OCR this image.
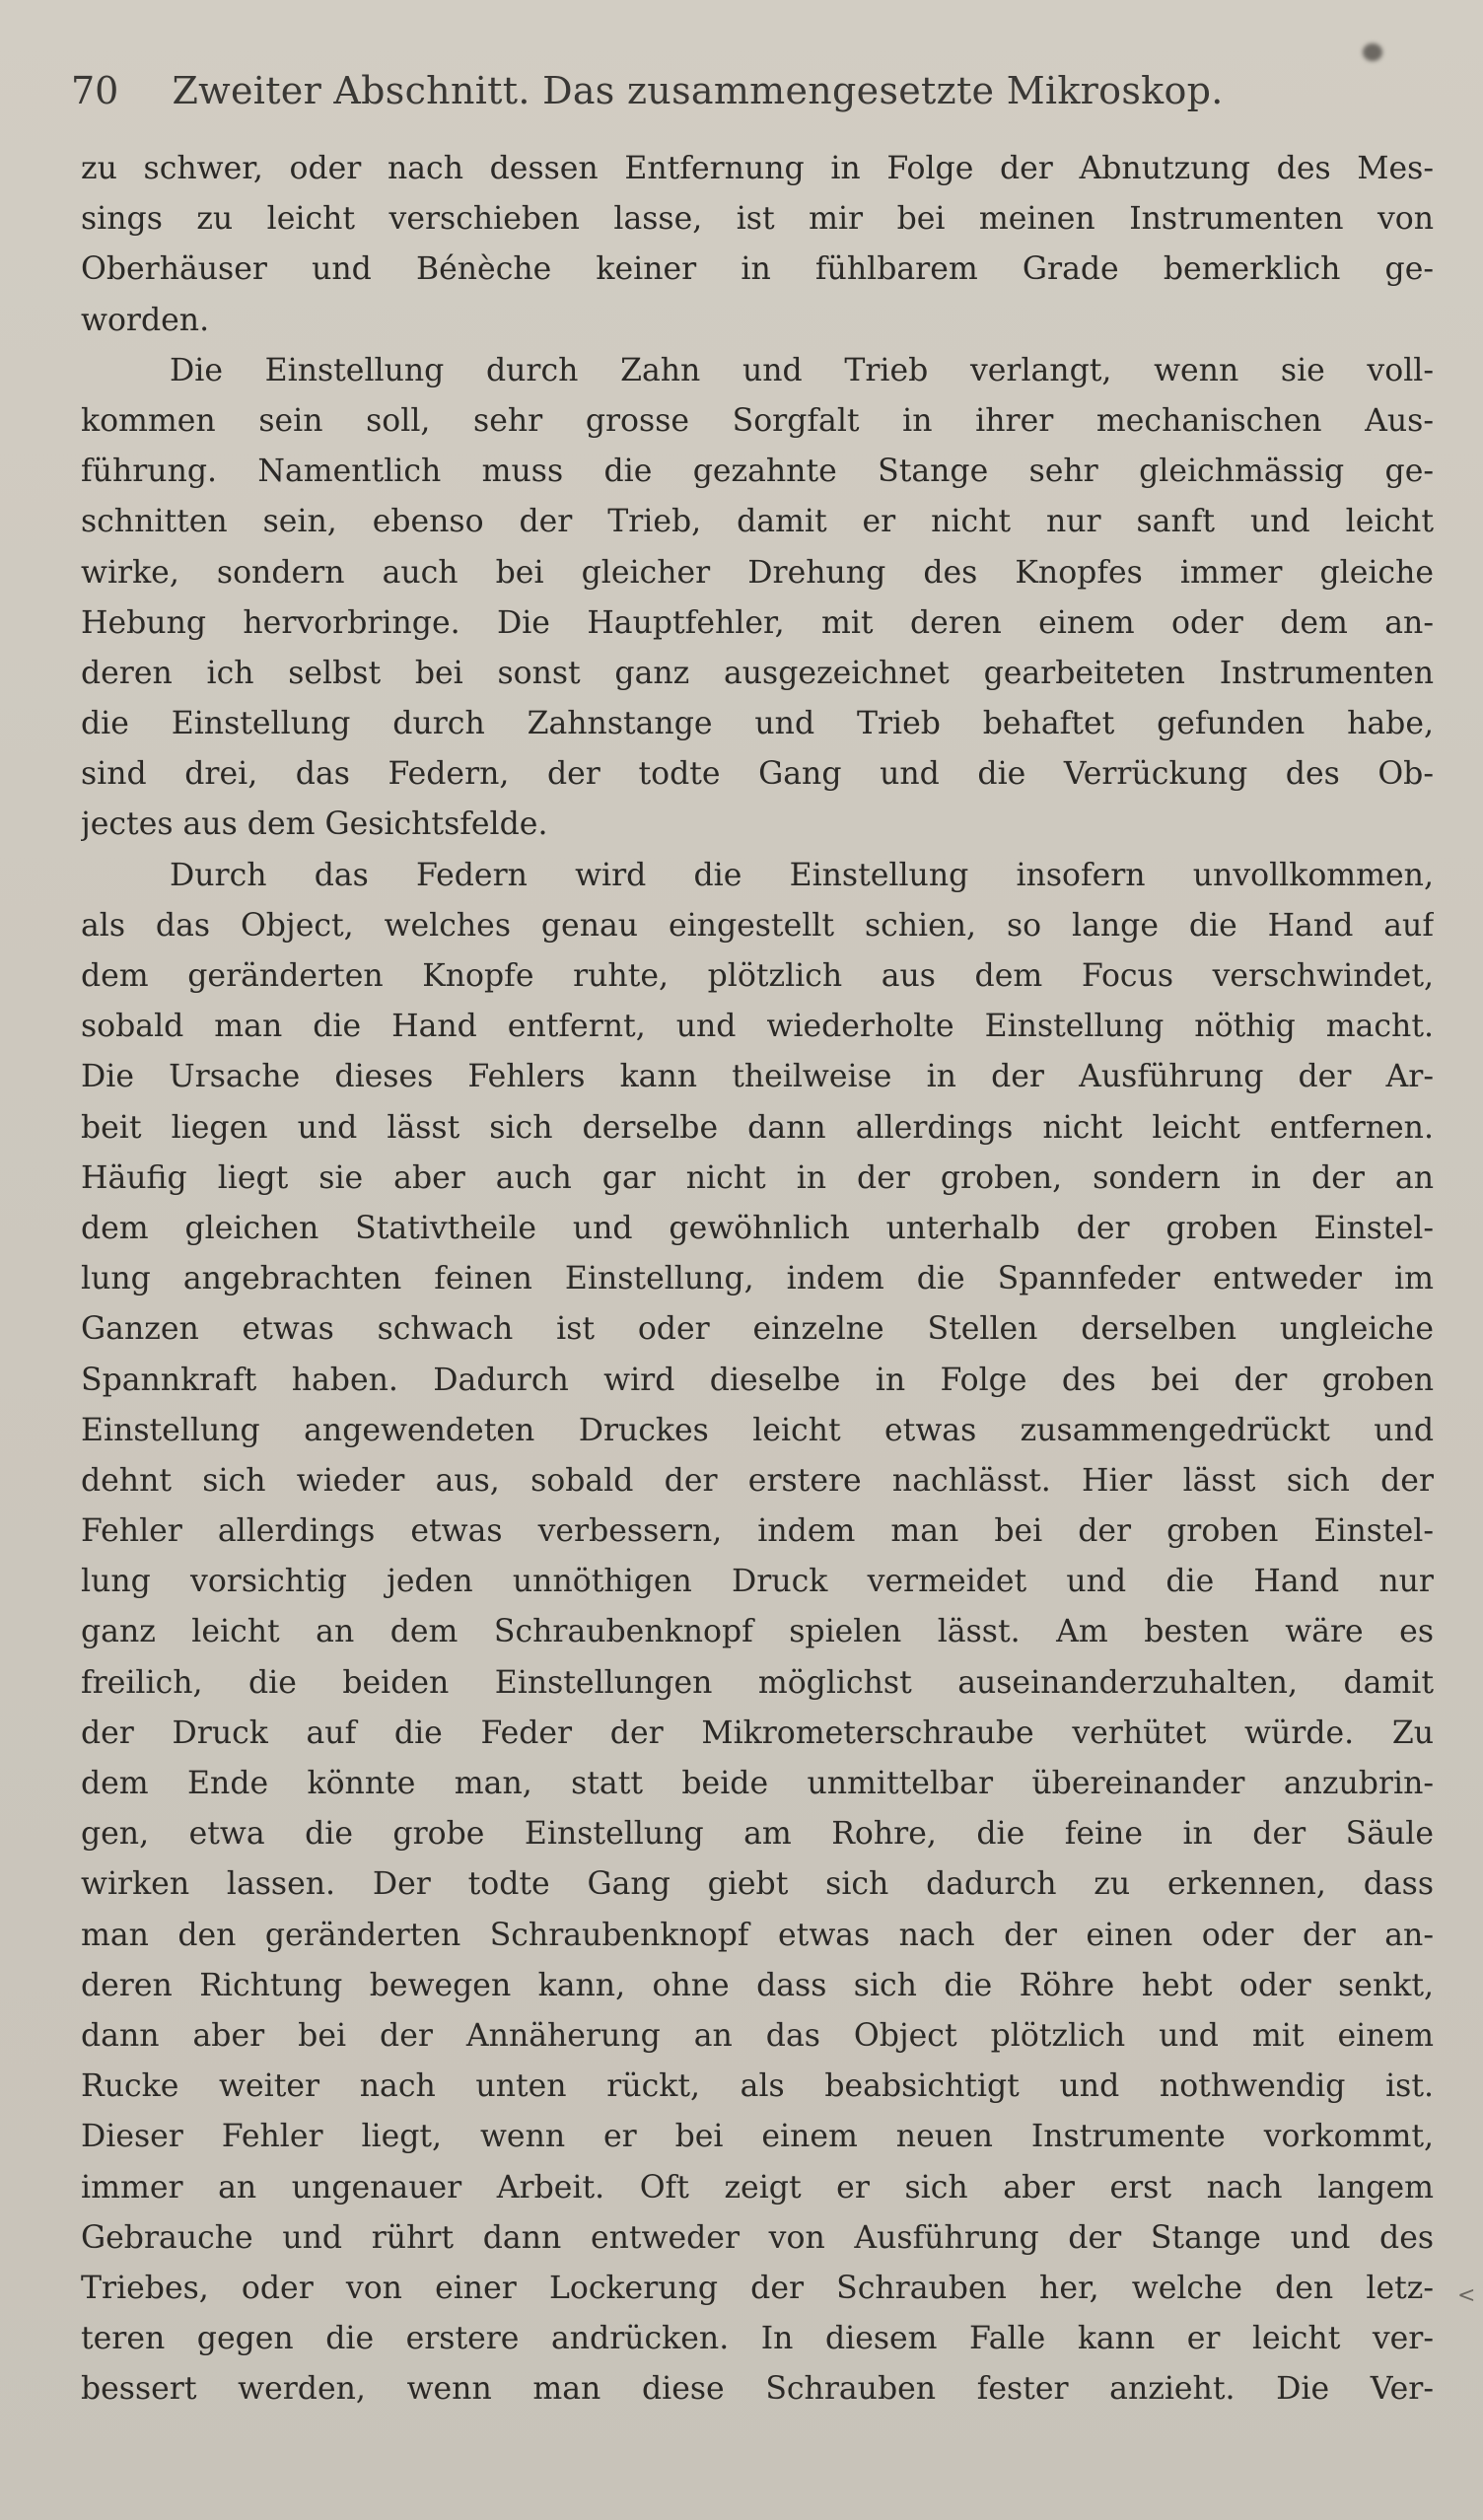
70 Zweiter Abschnitt. Das zusammengesetzte Mikroskop.
zu schwer, oder nach dessen Entfernung in Folge der Abnutzung des Mes-
sings zu leicht verschieben lasse, ist mir bei meinen Instrumenten von
Oberhäuser und Bénèche keiner in fühlbarem Grade bemerklich ge-
worden.
Die Einstellung durch Zahn und Trieb verlangt, wenn sie voll-
kommen sein soll, sehr grosse Sorgfalt in ihrer mechanischen Aus-
führung. Namentlich muss die gezahnte Stange sehr gleichmässig ge-
schnitten sein, ebenso der Trieb, damit er nicht nur sanft und leicht
wirke, sondern auch bei gleicher Drehung des Knopfes immer gleiche
Hebung hervorbringe. Die Hauptfehler, mit deren einem oder dem an-
deren ich selbst bei sonst ganz ausgezeichnet gearbeiteten Instrumenten
die Einstellung durch Zahnstange und Trieb behaftet gefunden habe,
sind drei, das Federn, der todte Gang und die Verrückung des Ob-
jectes aus dem Gesichtsfelde.
Durch das Federn wird die Einstellung insofern unvollkommen,
als das Object, welches genau eingestellt schien, so lange die Hand auf
dem geränderten Knopfe ruhte, plötzlich aus dem Focus verschwindet,
sobald man die Hand entfernt, und wiederholte Einstellung nöthig macht.
Die Ursache dieses Fehlers kann theilweise in der Ausführung der Ar-
beit liegen und lässt sich derselbe dann allerdings nicht leicht entfernen.
Häufig liegt sie aber auch gar nicht in der groben, sondern in der an
dem gleichen Stativtheile und gewöhnlich unterhalb der groben Einstel-
lung angebrachten feinen Einstellung, indem die Spannfeder entweder im
Ganzen etwas schwach ist oder einzelne Stellen derselben ungleiche
Spannkraft haben. Dadurch wird dieselbe in Folge des bei der groben
Einstellung angewendeten Druckes leicht etwas zusammengedrückt und
dehnt sich wieder aus, sobald der erstere nachlässt. Hier lässt sich der
Fehler allerdings etwas verbessern, indem man bei der groben Einstel-
lung vorsichtig jeden unnöthigen Druck vermeidet und die Hand nur
ganz leicht an dem Schraubenknopf spielen lässt. Am besten wäre es
freilich, die beiden Einstellungen möglichst auseinanderzuhalten, damit
der Druck auf die Feder der Mikrometerschraube verhütet würde. Zu
dem Ende könnte man, statt beide unmittelbar übereinander anzubrin-
gen, etwa die grobe Einstellung am Rohre, die feine in der Säule
wirken lassen. Der todte Gang giebt sich dadurch zu erkennen, dass
man den geränderten Schraubenknopf etwas nach der einen oder der an-
deren Richtung bewegen kann, ohne dass sich die Röhre hebt oder senkt,
dann aber bei der Annäherung an das Object plötzlich und mit einem
Rucke weiter nach unten rückt, als beabsichtigt und nothwendig ist.
Dieser Fehler liegt, wenn er bei einem neuen Instrumente vorkommt,
immer an ungenauer Arbeit. Oft zeigt er sich aber erst nach langem
Gebrauche und rührt dann entweder von Ausführung der Stange und des
Triebes, oder von einer Lockerung der Schrauben her, welche den letz-
teren gegen die erstere andrücken. In diesem Falle kann er leicht ver-
bessert werden, wenn man diese Schrauben fester anzieht. Die Ver-
<
